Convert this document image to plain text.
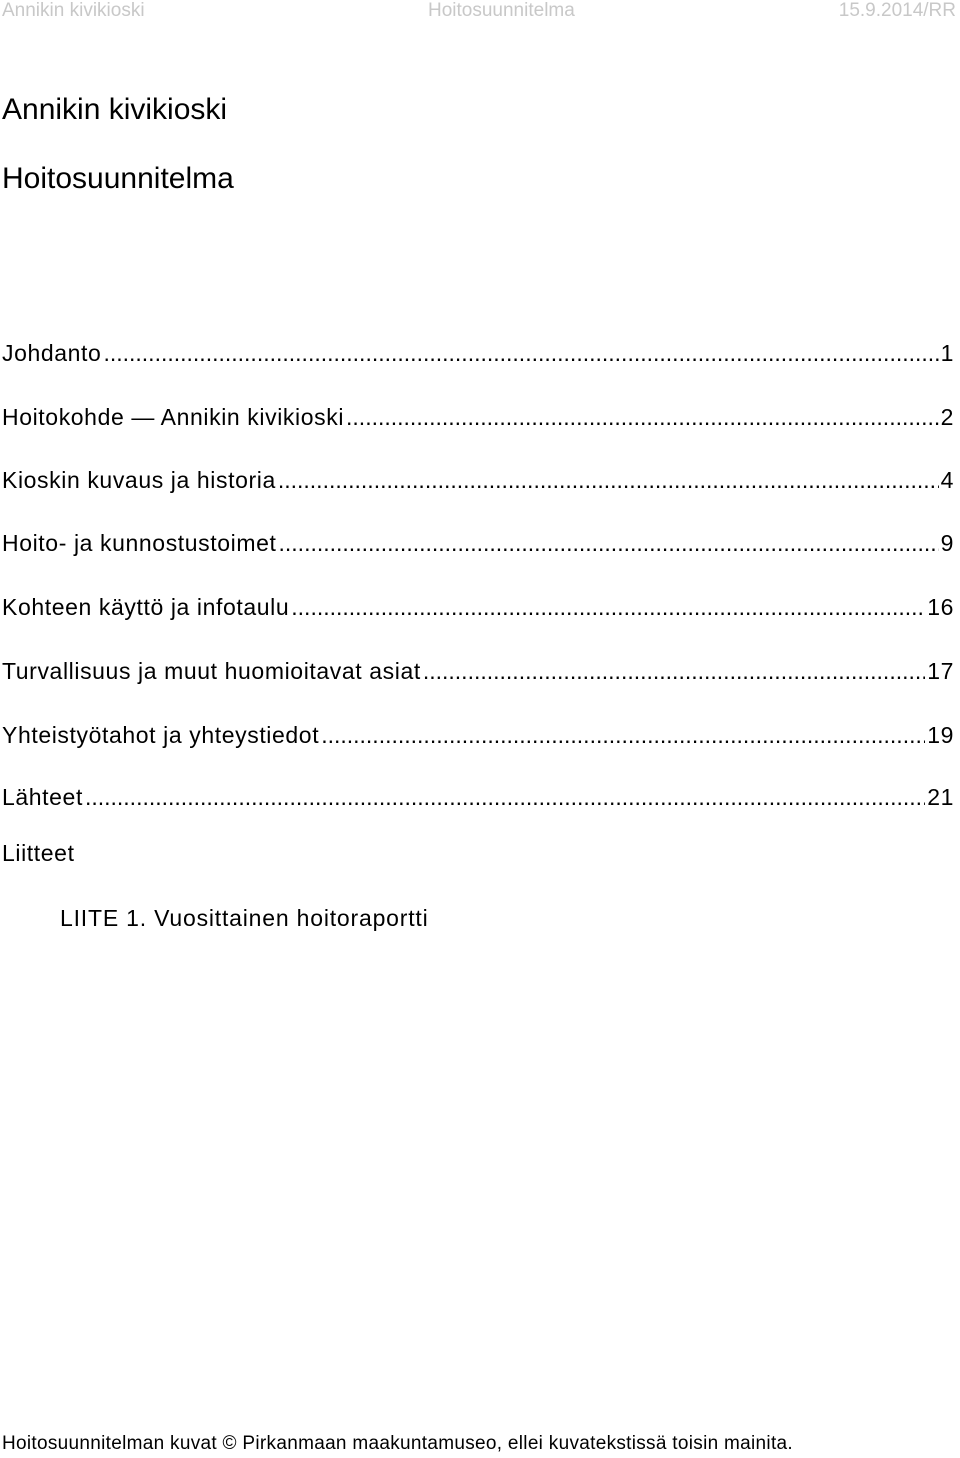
Annikin kivikioski	Hoitosuunnitelma	15.9.2014/RR
Annikin kivikioski
Hoitosuunnitelma
Johdanto .....	1
Hoitokohde — Annikin kivikioski .....	2
Kioskin kuvaus ja historia .....	4
Hoito- ja kunnostustoimet .....	9
Kohteen käyttö ja infotaulu .....	16
Turvallisuus ja muut huomioitavat asiat .....	17
Yhteistyötahot ja yhteystiedot .....	19
Lähteet .....	21
Liitteet
LIITE 1. Vuosittainen hoitoraportti
Hoitosuunnitelman kuvat © Pirkanmaan maakuntamuseo, ellei kuvatekstissä toisin mainita.
